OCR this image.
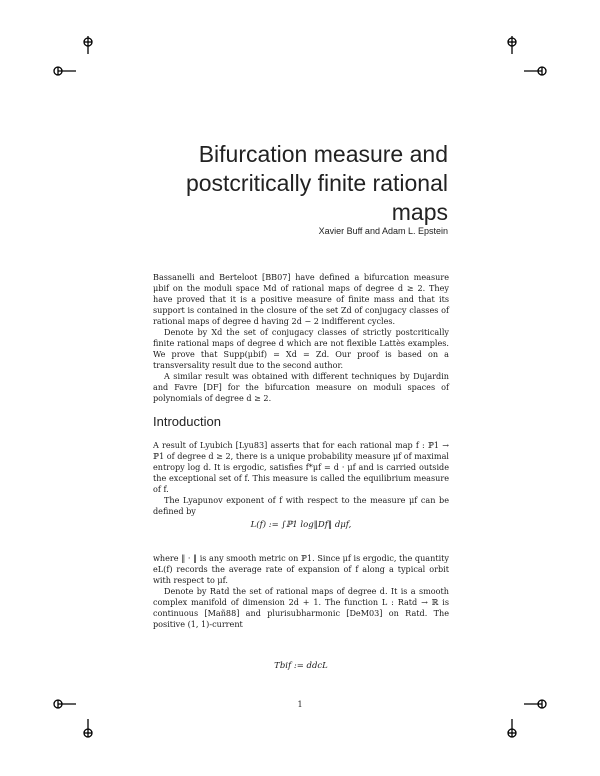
Bifurcation measure and
postcritically finite rational
maps
Xavier Buff and Adam L. Epstein

Bassanelli and Berteloot [BB07] have defined a bifurcation measure μbif on the moduli space Md of rational maps of degree d ≥ 2. They have proved that it is a positive measure of finite mass and that its support is contained in the closure of the set Zd of conjugacy classes of rational maps of degree d having 2d − 2 indifferent cycles.

Denote by Xd the set of conjugacy classes of strictly postcritically finite rational maps of degree d which are not flexible Lattès examples. We prove that Supp(μbif) = Xd = Zd. Our proof is based on a transversality result due to the second author.

A similar result was obtained with different techniques by Dujardin and Favre [DF] for the bifurcation measure on moduli spaces of polynomials of degree d ≥ 2.

Introduction

A result of Lyubich [Lyu83] asserts that for each rational map f : ℙ1 → ℙ1 of degree d ≥ 2, there is a unique probability measure μf of maximal entropy log d. It is ergodic, satisfies f*μf = d · μf and is carried outside the exceptional set of f. This measure is called the equilibrium measure of f.

The Lyapunov exponent of f with respect to the measure μf can be defined by

L(f) := ∫ℙ1 log‖Df‖ dμf,

where ‖ · ‖ is any smooth metric on ℙ1. Since μf is ergodic, the quantity eL(f) records the average rate of expansion of f along a typical orbit with respect to μf.

Denote by Ratd the set of rational maps of degree d. It is a smooth complex manifold of dimension 2d + 1. The function L : Ratd → ℝ is continuous [Mañ88] and plurisubharmonic [DeM03] on Ratd. The positive (1, 1)-current

Tbif := ddcL
1
